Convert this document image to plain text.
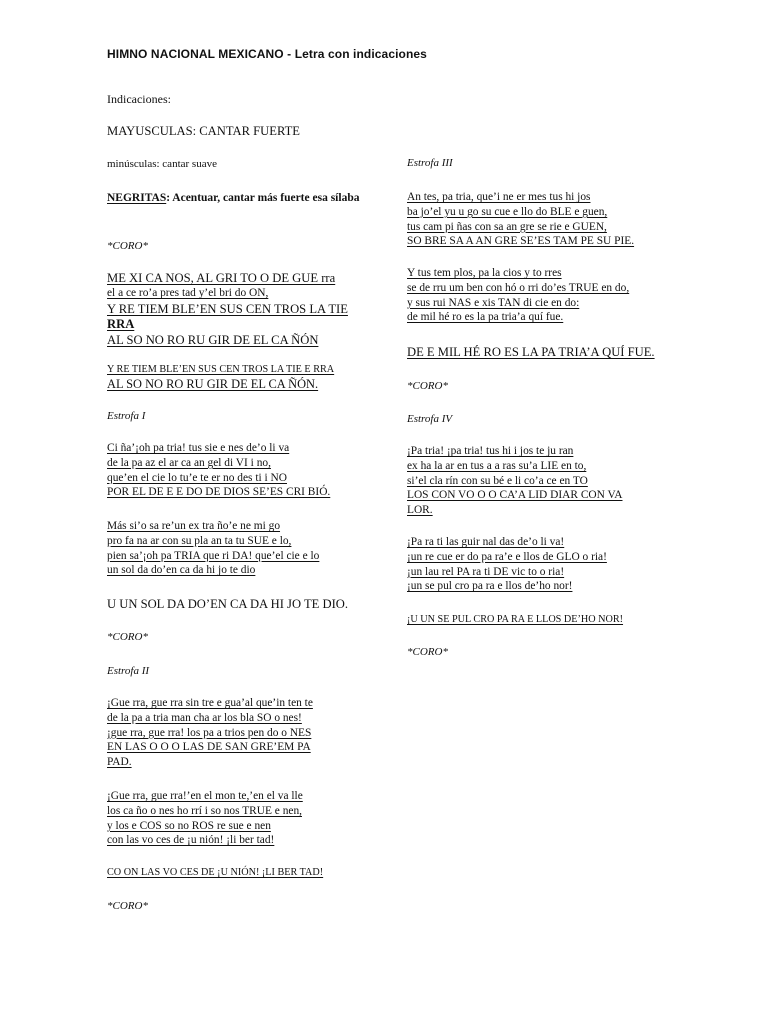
HIMNO NACIONAL MEXICANO - Letra con indicaciones
Indicaciones:
MAYUSCULAS: CANTAR FUERTE
minúsculas: cantar suave
NEGRITAS: Acentuar, cantar más fuerte esa sílaba
*CORO*
ME XI CA NOS, AL GRI TO O DE GUE rra
el a ce ro’a pres tad y’el bri do ON,
Y RE TIEM BLE’EN SUS CEN TROS LA TIE
RRA
AL SO NO RO RU GIR DE EL CA ÑÓN
Y RE TIEM BLE’EN SUS CEN TROS LA TIE E RRA
AL SO NO RO RU GIR DE EL CA ÑÓN.
Estrofa I
Ci ña’¡oh pa tria! tus sie e nes de’o li va
de la pa az el ar ca an gel di VI i no,
que’en el cie lo tu’e te er no des ti i NO
POR EL DE E E DO DE DIOS SE’ES CRI BIÓ.
Más si’o sa re’un ex tra ño’e ne mi go
pro fa na ar con su pla an ta tu SUE e lo,
pien sa’¡oh pa TRIA que ri DA! que’el cie e lo
un sol da do’en ca da hi jo te dio
U UN SOL DA DO’EN CA DA HI JO TE DIO.
*CORO*
Estrofa II
¡Gue rra, gue rra sin tre e gua’al que’in ten te
de la pa a tria man cha ar los bla SO o nes!
¡gue rra, gue rra! los pa a trios pen do o NES
EN LAS O O O LAS DE SAN GRE’EM PA
PAD.
¡Gue rra, gue rra!’en el mon te,’en el va lle
los ca ño o nes ho rrí i so nos TRUE e nen,
y los e COS so no ROS re sue e nen
con las vo ces de ¡u nión! ¡li ber tad!
CO ON LAS VO CES DE ¡U NIÓN! ¡LI BER TAD!
*CORO*
Estrofa III
An tes, pa tria, que’i ne er mes tus hi jos
ba jo’el yu u go su cue e llo do BLE e guen,
tus cam pi ñas con sa an gre se rie e GUEN,
SO BRE SA A AN GRE SE’ES TAM PE SU PIE.
Y tus tem plos, pa la cios y to rres
se de rru um ben con hó o rri do’es TRUE en do,
y sus rui NAS e xis TAN di cie en do:
de mil hé ro es la pa tria’a quí fue.
DE E MIL HÉ RO ES LA PA TRIA’A QUÍ FUE.
*CORO*
Estrofa IV
¡Pa tria! ¡pa tria! tus hi i jos te ju ran
ex ha la ar en tus a a ras su’a LIE en to,
si’el cla rín con su bé e li co’a ce en TO
LOS CON VO O O CA’A LID DIAR CON VA
LOR.
¡Pa ra ti las guir nal das de’o li va!
¡un re cue er do pa ra’e e llos de GLO o ria!
¡un lau rel PA ra ti DE vic to o ria!
¡un se pul cro pa ra e llos de’ho nor!
¡U UN SE PUL CRO PA RA E LLOS DE’HO NOR!
*CORO*
